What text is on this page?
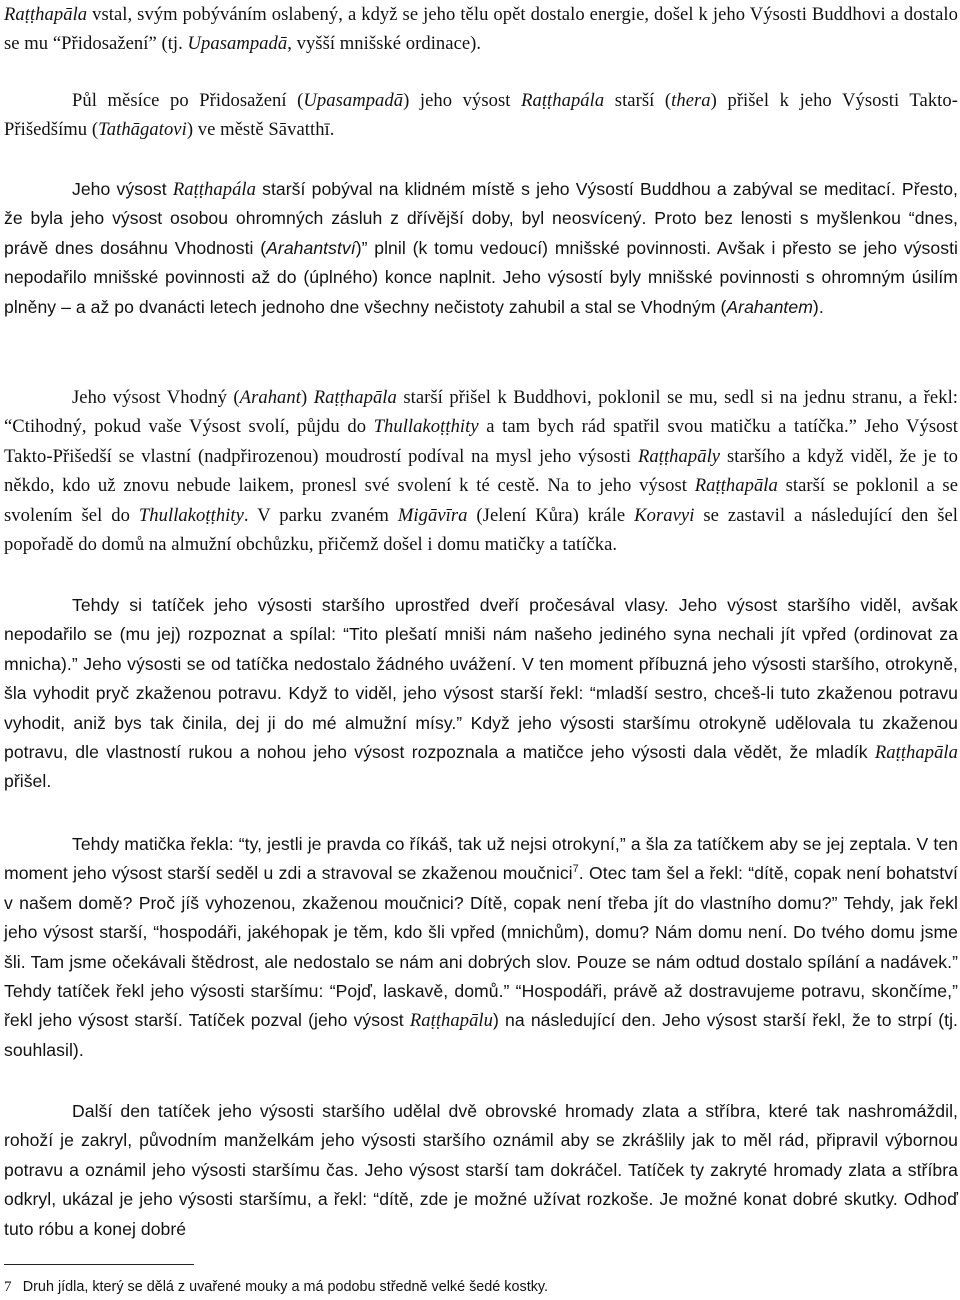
Raṭṭhapāla vstal, svým pobýváním oslabený, a když se jeho tělu opět dostalo energie, došel k jeho Výsosti Buddhovi a dostalo se mu “Přidosažení” (tj. Upasampadā, vyšší mnišské ordinace).

Půl měsíce po Přidosažení (Upasampadā) jeho výsost Raṭṭhapála starší (thera) přišel k jeho Výsosti Takto-Přišedšímu (Tathāgatovi) ve městě Sāvatthī.

Jeho výsost Raṭṭhapála starší pobýval na klidném místě s jeho Výsostí Buddhou a zabýval se meditací. Přesto, že byla jeho výsost osobou ohromných zásluh z dřívější doby, byl neosvícený. Proto bez lenosti s myšlenkou “dnes, právě dnes dosáhnu Vhodnosti (Arahantství)” plnil (k tomu vedoucí) mnišské povinnosti. Avšak i přesto se jeho výsosti nepodařilo mnišské povinnosti až do (úplného) konce naplnit. Jeho výsostí byly mnišské povinnosti s ohromným úsilím plněny – a až po dvanácti letech jednoho dne všechny nečistoty zahubil a stal se Vhodným (Arahantem).

Jeho výsost Vhodný (Arahant) Raṭṭhapāla starší přišel k Buddhovi, poklonil se mu, sedl si na jednu stranu, a řekl: “Ctihodný, pokud vaše Výsost svolí, půjdu do Thullakoṭṭhity a tam bych rád spatřil svou matičku a tatíčka.” Jeho Výsost Takto-Přišedší se vlastní (nadpřirozenou) moudrostí podíval na mysl jeho výsosti Raṭṭhapāly staršího a když viděl, že je to někdo, kdo už znovu nebude laikem, pronesl své svolení k té cestě. Na to jeho výsost Raṭṭhapāla starší se poklonil a se svolením šel do Thullakoṭṭhity. V parku zvaném Migāvīra (Jelení Kůra) krále Koravyi se zastavil a následující den šel popořadě do domů na almužní obchůzku, přičemž došel i domu matičky a tatíčka.

Tehdy si tatíček jeho výsosti staršího uprostřed dveří pročesával vlasy. Jeho výsost staršího viděl, avšak nepodařilo se (mu jej) rozpoznat a spílal: “Tito plešatí mniši nám našeho jediného syna nechali jít vpřed (ordinovat za mnicha).” Jeho výsosti se od tatíčka nedostalo žádného uvážení. V ten moment příbuzná jeho výsosti staršího, otrokyně, šla vyhodit pryč zkaženou potravu. Když to viděl, jeho výsost starší řekl: “mladší sestro, chceš-li tuto zkaženou potravu vyhodit, aniž bys tak činila, dej ji do mé almužní mísy.” Když jeho výsosti staršímu otrokyně udělovala tu zkaženou potravu, dle vlastností rukou a nohou jeho výsost rozpoznala a matičce jeho výsosti dala vědět, že mladík Raṭṭhapāla přišel.

Tehdy matička řekla: “ty, jestli je pravda co říkáš, tak už nejsi otrokyní,” a šla za tatíčkem aby se jej zeptala. V ten moment jeho výsost starší seděl u zdi a stravoval se zkaženou moučnici$^7$. Otec tam šel a řekl: “dítě, copak není bohatství v našem domě? Proč jíš vyhozenou, zkaženou moučnici? Dítě, copak není třeba jít do vlastního domu?” Tehdy, jak řekl jeho výsost starší, “hospodáři, jakéhopak je těm, kdo šli vpřed (mnichům), domu? Nám domu není. Do tvého domu jsme šli. Tam jsme očekávali štědrost, ale nedostalo se nám ani dobrých slov. Pouze se nám odtud dostalo spílání a nadávek.” Tehdy tatíček řekl jeho výsosti staršímu: “Pojď, laskavě, domů.” “Hospodáři, právě až dostravujeme potravu, skončíme,” řekl jeho výsost starší. Tatíček pozval (jeho výsost Raṭṭhapālu) na následující den. Jeho výsost starší řekl, že to strpí (tj. souhlasil).

Další den tatíček jeho výsosti staršího udělal dvě obrovské hromady zlata a stříbra, které tak nashromáždil, rohoží je zakryl, původním manželkám jeho výsosti staršího oznámil aby se zkrášlily jak to měl rád, připravil výbornou potravu a oznámil jeho výsosti staršímu čas. Jeho výsost starší tam dokráčel. Tatíček ty zakryté hromady zlata a stříbra odkryl, ukázal je jeho výsosti staršímu, a řekl: “dítě, zde je možné užívat rozkoše. Je možné konat dobré skutky. Odhoď tuto róbu a konej dobré

7 Druh jídla, který se dělá z uvařené mouky a má podobu středně velké šedé kostky.
